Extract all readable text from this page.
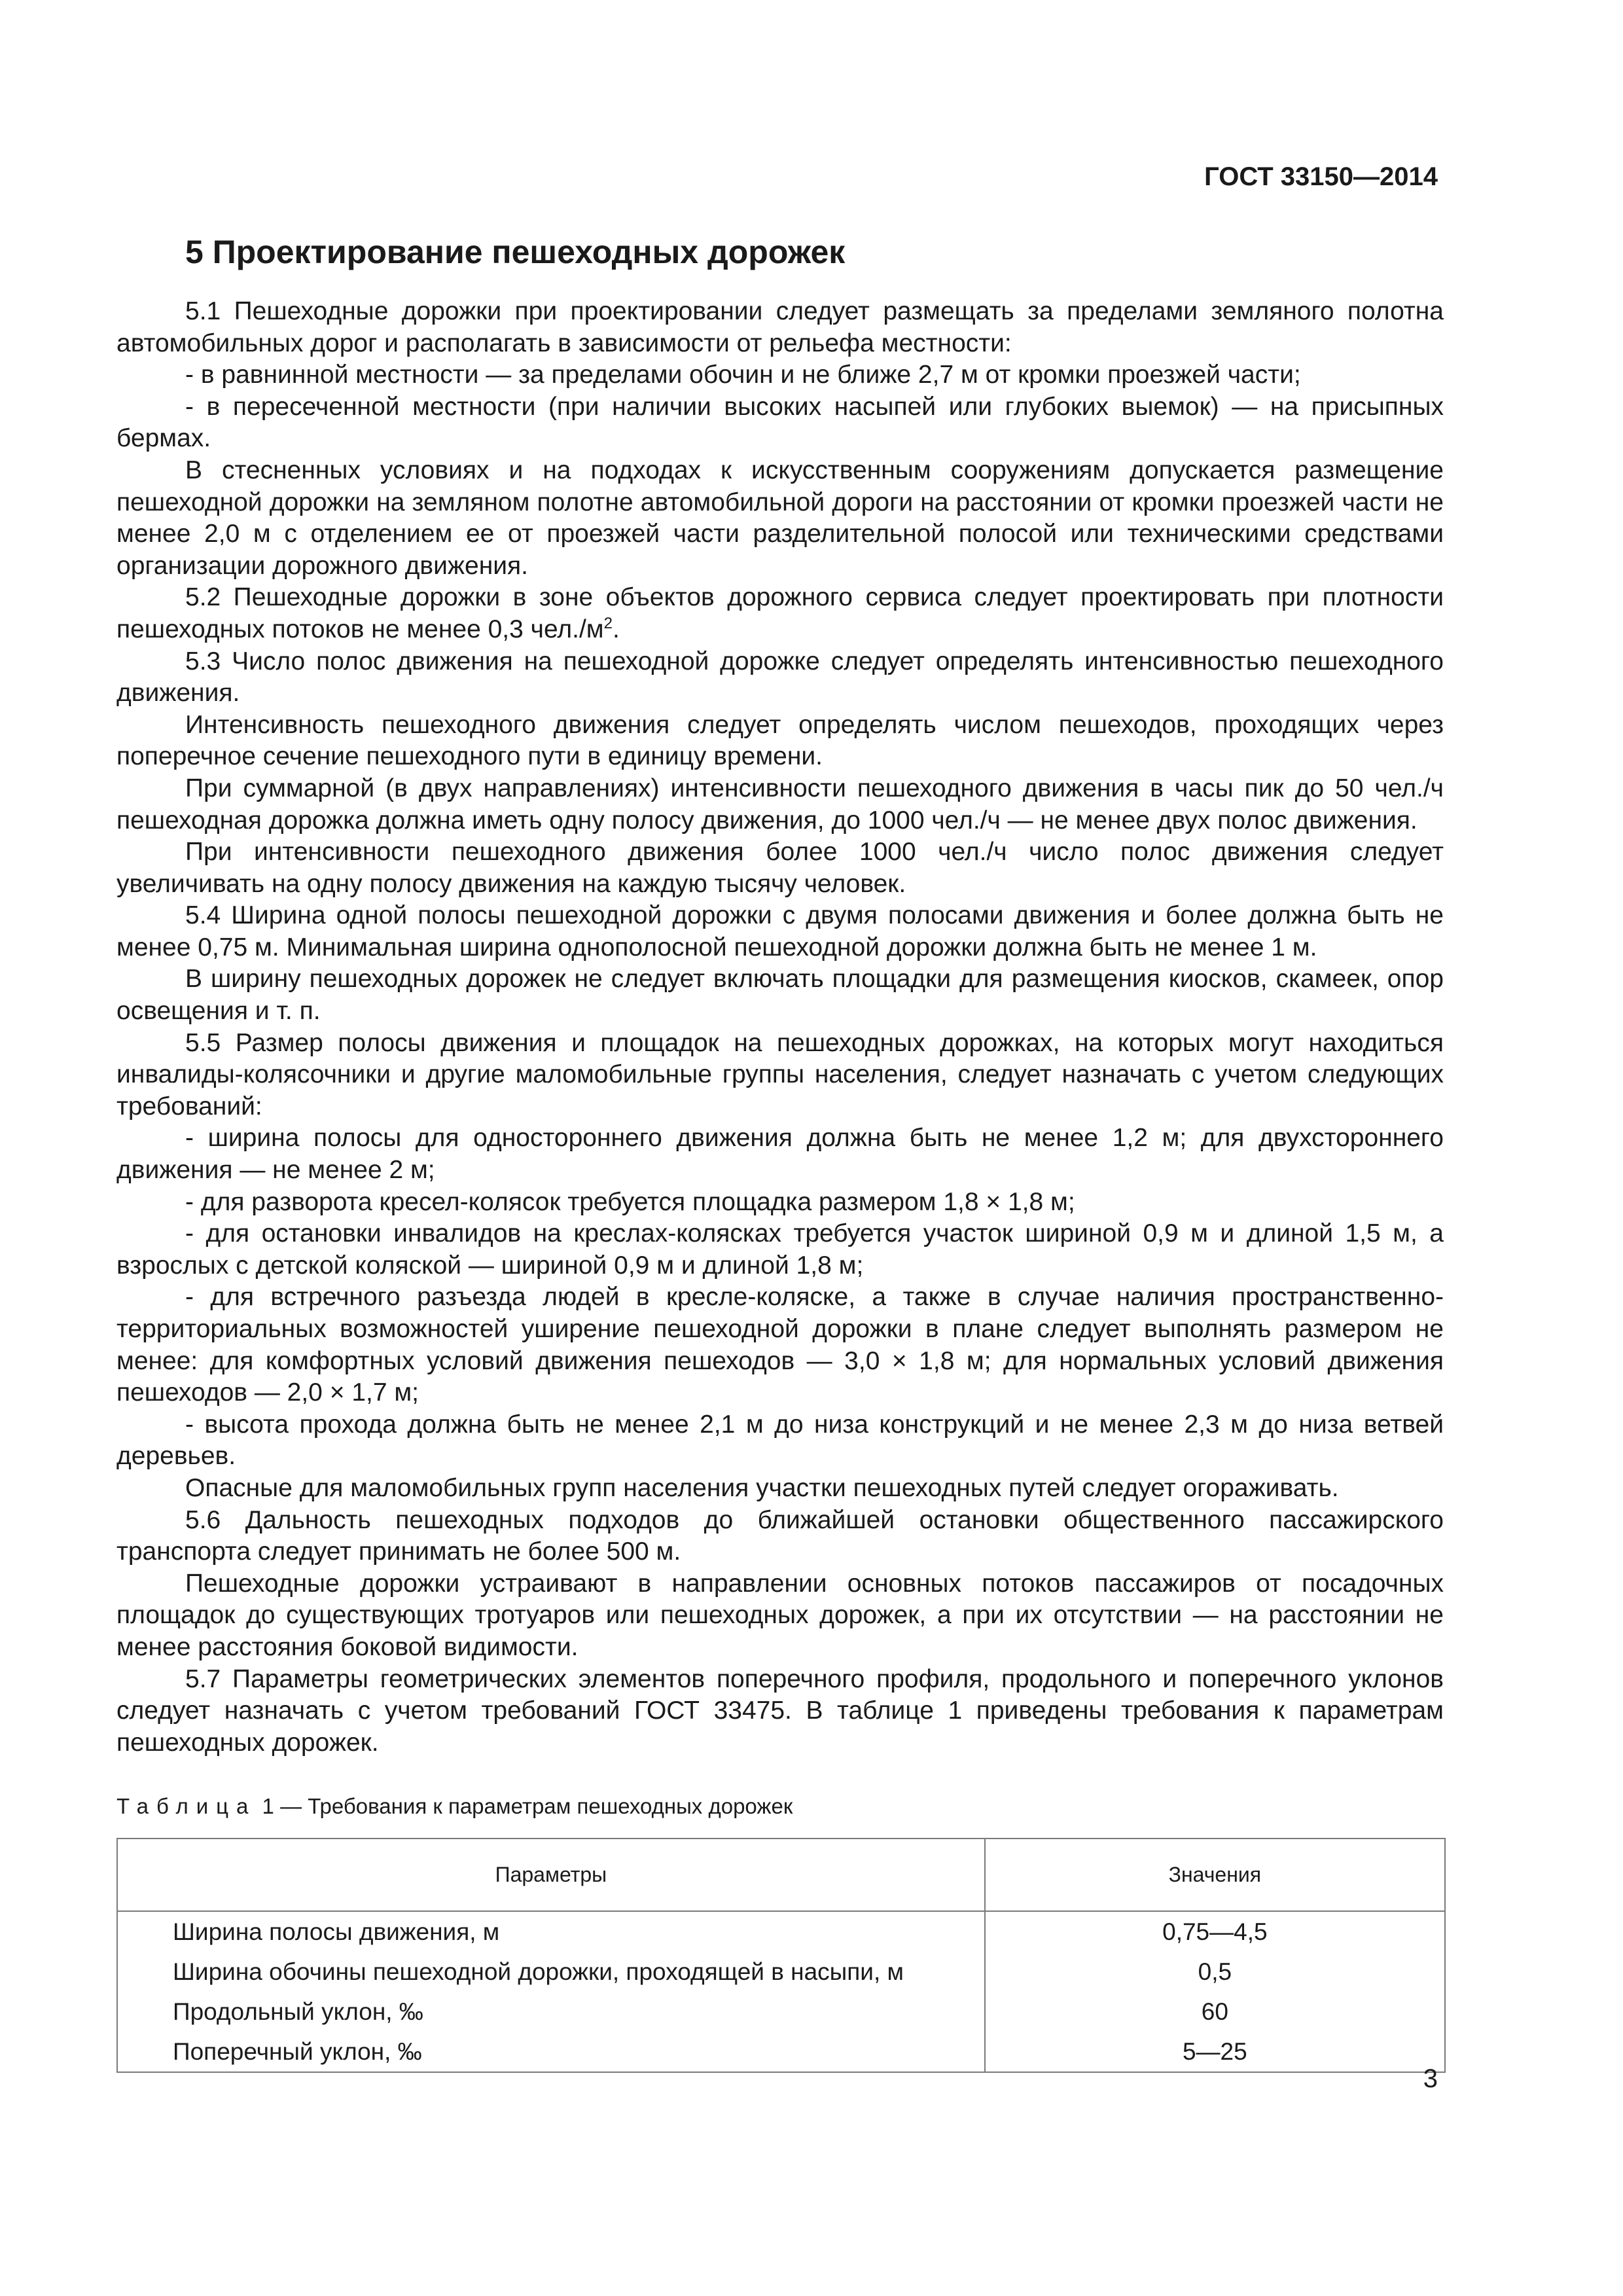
ГОСТ 33150—2014
5 Проектирование пешеходных дорожек

5.1 Пешеходные дорожки при проектировании следует размещать за пределами земляного полотна автомобильных дорог и располагать в зависимости от рельефа местности:

- в равнинной местности — за пределами обочин и не ближе 2,7 м от кромки проезжей части;

- в пересеченной местности (при наличии высоких насыпей или глубоких выемок) — на присыпных бермах.

В стесненных условиях и на подходах к искусственным сооружениям допускается размещение пешеходной дорожки на земляном полотне автомобильной дороги на расстоянии от кромки проезжей части не менее 2,0 м с отделением ее от проезжей части разделительной полосой или техническими средствами организации дорожного движения.

5.2 Пешеходные дорожки в зоне объектов дорожного сервиса следует проектировать при плотности пешеходных потоков не менее 0,3 $чел./м^2$.

5.3 Число полос движения на пешеходной дорожке следует определять интенсивностью пешеходного движения.

Интенсивность пешеходного движения следует определять числом пешеходов, проходящих через поперечное сечение пешеходного пути в единицу времени.

При суммарной (в двух направлениях) интенсивности пешеходного движения в часы пик до 50 чел./ч пешеходная дорожка должна иметь одну полосу движения, до 1000 чел./ч — не менее двух полос движения.

При интенсивности пешеходного движения более 1000 чел./ч число полос движения следует увеличивать на одну полосу движения на каждую тысячу человек.

5.4 Ширина одной полосы пешеходной дорожки с двумя полосами движения и более должна быть не менее 0,75 м. Минимальная ширина однополосной пешеходной дорожки должна быть не менее 1 м.

В ширину пешеходных дорожек не следует включать площадки для размещения киосков, скамеек, опор освещения и т. п.

5.5 Размер полосы движения и площадок на пешеходных дорожках, на которых могут находиться инвалиды-колясочники и другие маломобильные группы населения, следует назначать с учетом следующих требований:

- ширина полосы для одностороннего движения должна быть не менее 1,2 м; для двухстороннего движения — не менее 2 м;

- для разворота кресел-колясок требуется площадка размером 1,8 × 1,8 м;

- для остановки инвалидов на креслах-колясках требуется участок шириной 0,9 м и длиной 1,5 м, а взрослых с детской коляской — шириной 0,9 м и длиной 1,8 м;

- для встречного разъезда людей в кресле-коляске, а также в случае наличия пространственно-территориальных возможностей уширение пешеходной дорожки в плане следует выполнять размером не менее: для комфортных условий движения пешеходов — 3,0 × 1,8 м; для нормальных условий движения пешеходов — 2,0 × 1,7 м;

- высота прохода должна быть не менее 2,1 м до низа конструкций и не менее 2,3 м до низа ветвей деревьев.

Опасные для маломобильных групп населения участки пешеходных путей следует огораживать.

5.6 Дальность пешеходных подходов до ближайшей остановки общественного пассажирского транспорта следует принимать не более 500 м.

Пешеходные дорожки устраивают в направлении основных потоков пассажиров от посадочных площадок до существующих тротуаров или пешеходных дорожек, а при их отсутствии — на расстоянии не менее расстояния боковой видимости.

5.7 Параметры геометрических элементов поперечного профиля, продольного и поперечного уклонов следует назначать с учетом требований ГОСТ 33475. В таблице 1 приведены требования к параметрам пешеходных дорожек.

Таблица 1 — Требования к параметрам пешеходных дорожек
Параметры	Значения
Ширина полосы движения, м	0,75—4,5
Ширина обочины пешеходной дорожки, проходящей в насыпи, м	0,5
Продольный уклон, ‰	60
Поперечный уклон, ‰	5—25
3
